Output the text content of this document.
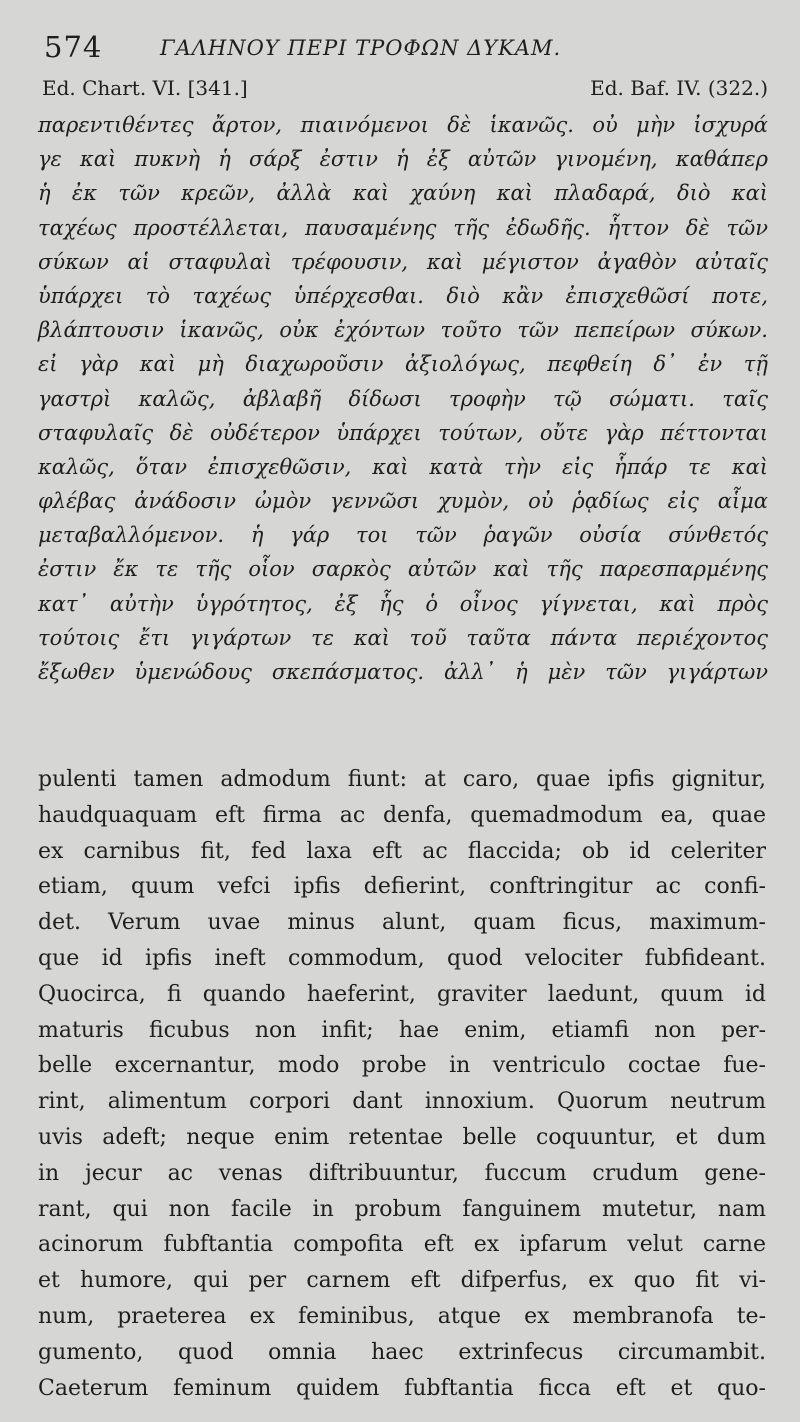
574	ΓΑΛΗΝΟΥ ΠΕΡΙ ΤΡΟΦΩΝ ΔΥΚΑΜ.
Ed. Chart. VI. [341.]	Ed. Baf. IV. (322.)
παρεντιθέντες ἄρτον, πιαινόμενοι δὲ ἱκανῶς. οὐ μὴν ἰσχυρά
γε καὶ πυκνὴ ἡ σάρξ ἐστιν ἡ ἐξ αὐτῶν γινομένη, καθάπερ
ἡ ἐκ τῶν κρεῶν, ἀλλὰ καὶ χαύνη καὶ πλαδαρά, διὸ καὶ
ταχέως προστέλλεται, παυσαμένης τῆς ἐδωδῆς. ἧττον δὲ τῶν
σύκων αἱ σταφυλαὶ τρέφουσιν, καὶ μέγιστον ἀγαθὸν αὐταῖς
ὑπάρχει τὸ ταχέως ὑπέρχεσθαι. διὸ κἂν ἐπισχεθῶσί ποτε,
βλάπτουσιν ἱκανῶς, οὐκ ἐχόντων τοῦτο τῶν πεπείρων σύκων.
εἰ γὰρ καὶ μὴ διαχωροῦσιν ἀξιολόγως, πεφθείη δ᾽ ἐν τῇ
γαστρὶ καλῶς, ἀβλαβῆ δίδωσι τροφὴν τῷ σώματι. ταῖς
σταφυλαῖς δὲ οὐδέτερον ὑπάρχει τούτων, οὔτε γὰρ πέττονται
καλῶς, ὅταν ἐπισχεθῶσιν, καὶ κατὰ τὴν εἰς ἧπάρ τε καὶ
φλέβας ἀνάδοσιν ὠμὸν γεννῶσι χυμὸν, οὐ ῥᾳδίως εἰς αἷμα
μεταβαλλόμενον. ἡ γάρ τοι τῶν ῥαγῶν οὐσία σύνθετός
ἐστιν ἔκ τε τῆς οἷον σαρκὸς αὐτῶν καὶ τῆς παρεσπαρμένης
κατ᾽ αὐτὴν ὑγρότητος, ἐξ ἧς ὁ οἶνος γίγνεται, καὶ πρὸς
τούτοις ἔτι γιγάρτων τε καὶ τοῦ ταῦτα πάντα περιέχοντος
ἔξωθεν ὑμενώδους σκεπάσματος. ἀλλ᾽ ἡ μὲν τῶν γιγάρτων
pulenti tamen admodum fiunt: at caro, quae ipfis gignitur,
haudquaquam eft firma ac denfa, quemadmodum ea, quae
ex carnibus fit, fed laxa eft ac flaccida; ob id celeriter
etiam, quum vefci ipfis defierint, conftringitur ac confi-
det. Verum uvae minus alunt, quam ficus, maximum-
que id ipfis ineft commodum, quod velociter fubfideant.
Quocirca, fi quando haeferint, graviter laedunt, quum id
maturis ficubus non infit; hae enim, etiamfi non per-
belle excernantur, modo probe in ventriculo coctae fue-
rint, alimentum corpori dant innoxium. Quorum neutrum
uvis adeft; neque enim retentae belle coquuntur, et dum
in jecur ac venas diftribuuntur, fuccum crudum gene-
rant, qui non facile in probum fanguinem mutetur, nam
acinorum fubftantia compofita eft ex ipfarum velut carne
et humore, qui per carnem eft difperfus, ex quo fit vi-
num, praeterea ex feminibus, atque ex membranofa te-
gumento, quod omnia haec extrinfecus circumambit.
Caeterum feminum quidem fubftantia ficca eft et quo-
